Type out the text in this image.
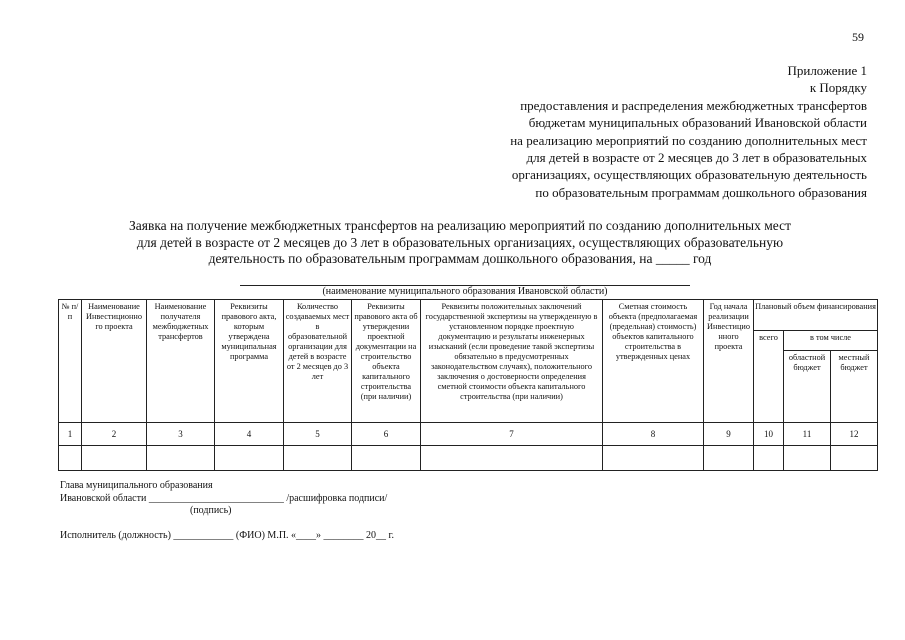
59
Приложение 1
к Порядку
предоставления и распределения межбюджетных трансфертов
бюджетам муниципальных образований Ивановской области
на реализацию мероприятий по созданию дополнительных мест
для детей в возрасте от 2 месяцев до 3 лет в образовательных
организациях, осуществляющих образовательную деятельность
по образовательным программам дошкольного образования
Заявка на получение межбюджетных трансфертов на реализацию мероприятий по созданию дополнительных мест
для детей в возрасте от 2 месяцев до 3 лет в образовательных организациях, осуществляющих образовательную
деятельность по образовательным программам дошкольного образования, на _____ год
(наименование муниципального образования Ивановской области)
№ п/п	Наименование Инвестиционно го проекта	Наименование получателя межбюджетных трансфертов	Реквизиты правового акта, которым утверждена муниципальная программа	Количество создаваемых мест в образовательной организации для детей в возрасте от 2 месяцев до 3 лет	Реквизиты правового акта об утверждении проектной документации на строительство объекта капитального строительства (при наличии)	Реквизиты положительных заключений государственной экспертизы на утвержденную в установленном порядке проектную документацию и результаты инженерных изысканий (если проведение такой экспертизы обязательно в предусмотренных законодательством случаях), положительного заключения о достоверности определения сметной стоимости объекта капитального строительства (при наличии)	Сметная стоимость объекта (предполагаемая (предельная) стоимость) объектов капитального строительства в утвержденных ценах	Год начала реализации Инвестицио нного проекта	Плановый объем финансирования		
									всего	в том числе	
										областной бюджет	местный бюджет
1	2	3	4	5	6	7	8	9	10	11	12

Глава муниципального образования
Ивановской области ___________________________ /расшифровка подписи/
(подпись)
Исполнитель (должность) ____________ (ФИО) М.П. «____» ________ 20__ г.
